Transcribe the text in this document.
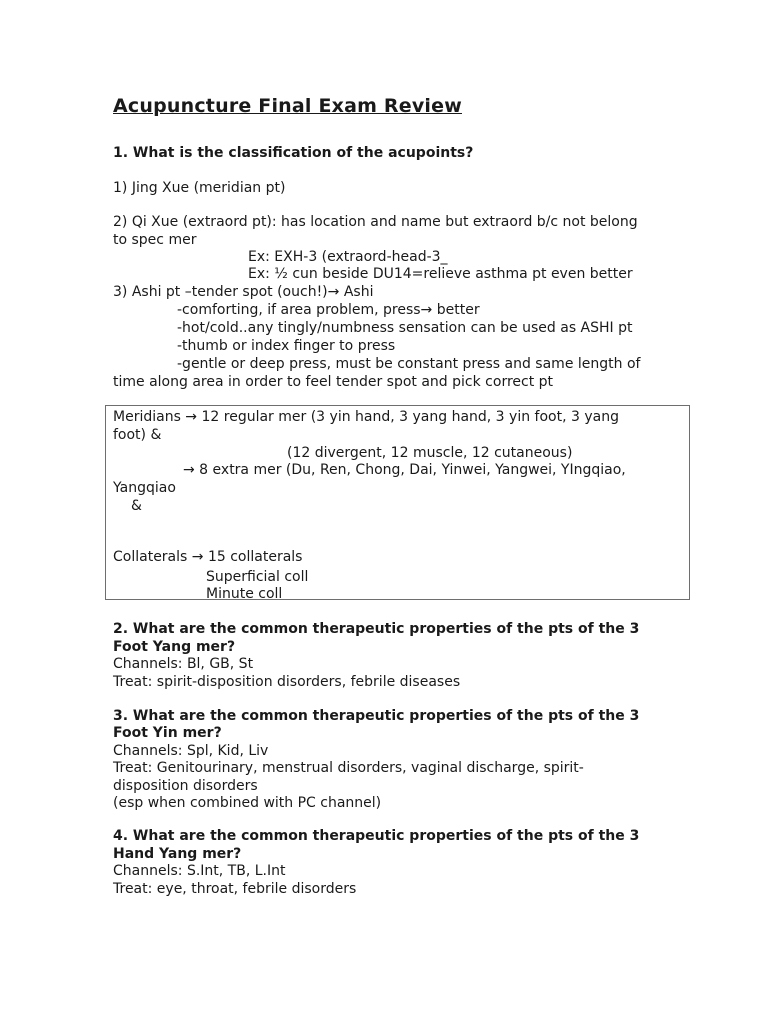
Acupuncture Final Exam Review

1. What is the classification of the acupoints?

1) Jing Xue (meridian pt)

2) Qi Xue (extraord pt): has location and name but extraord b/c not belong

to spec mer

Ex: EXH-3 (extraord-head-3_

Ex: ½ cun beside DU14=relieve asthma pt even better

3) Ashi pt –tender spot (ouch!)→ Ashi

-comforting, if area problem, press→ better

-hot/cold..any tingly/numbness sensation can be used as ASHI pt

-thumb or index finger to press

-gentle or deep press, must be constant press and same length of

time along area in order to feel tender spot and pick correct pt

Meridians → 12 regular mer (3 yin hand, 3 yang hand, 3 yin foot, 3 yang

foot) &

(12 divergent, 12 muscle, 12 cutaneous)

→ 8 extra mer (Du, Ren, Chong, Dai, Yinwei, Yangwei, YIngqiao,

Yangqiao

&

Collaterals → 15 collaterals

Superficial coll

Minute coll

2. What are the common therapeutic properties of the pts of the 3

Foot Yang mer?

Channels: Bl, GB, St

Treat: spirit-disposition disorders, febrile diseases

3. What are the common therapeutic properties of the pts of the 3

Foot Yin mer?

Channels: Spl, Kid, Liv

Treat: Genitourinary, menstrual disorders, vaginal discharge, spirit-

disposition disorders

(esp when combined with PC channel)

4. What are the common therapeutic properties of the pts of the 3

Hand Yang mer?

Channels: S.Int, TB, L.Int

Treat: eye, throat, febrile disorders
